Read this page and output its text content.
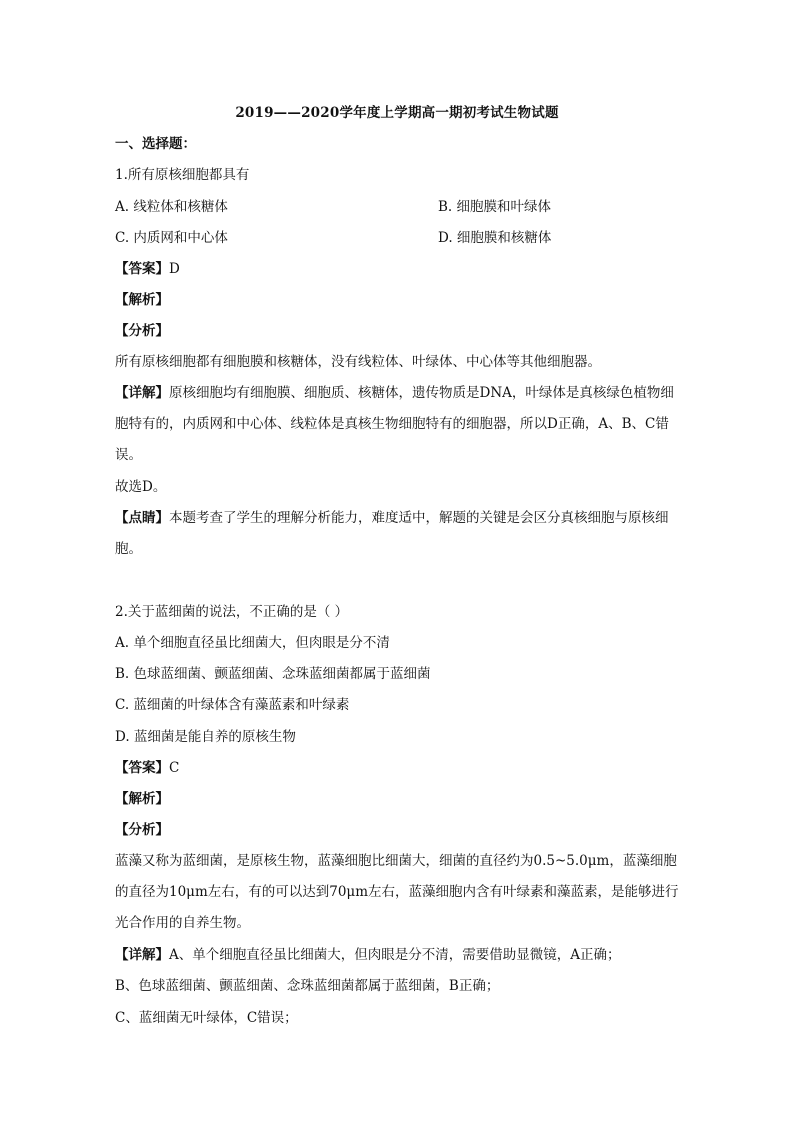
2019——2020学年度上学期高一期初考试生物试题
一、选择题：
1.所有原核细胞都具有
A. 线粒体和核糖体	B. 细胞膜和叶绿体
C. 内质网和中心体	D. 细胞膜和核糖体
【答案】D
【解析】
【分析】
所有原核细胞都有细胞膜和核糖体，没有线粒体、叶绿体、中心体等其他细胞器。
【详解】原核细胞均有细胞膜、细胞质、核糖体，遗传物质是DNA，叶绿体是真核绿色植物细胞特有的，内质网和中心体、线粒体是真核生物细胞特有的细胞器，所以D正确，A、B、C错误。
故选D。
【点睛】本题考查了学生的理解分析能力，难度适中，解题的关键是会区分真核细胞与原核细胞。
2.关于蓝细菌的说法，不正确的是（ ）
A. 单个细胞直径虽比细菌大，但肉眼是分不清
B. 色球蓝细菌、颤蓝细菌、念珠蓝细菌都属于蓝细菌
C. 蓝细菌的叶绿体含有藻蓝素和叶绿素
D. 蓝细菌是能自养的原核生物
【答案】C
【解析】
【分析】
蓝藻又称为蓝细菌，是原核生物，蓝藻细胞比细菌大，细菌的直径约为0.5~5.0μm，蓝藻细胞的直径为10μm左右，有的可以达到70μm左右，蓝藻细胞内含有叶绿素和藻蓝素，是能够进行光合作用的自养生物。
【详解】A、单个细胞直径虽比细菌大，但肉眼是分不清，需要借助显微镜，A正确；
B、色球蓝细菌、颤蓝细菌、念珠蓝细菌都属于蓝细菌，B正确；
C、蓝细菌无叶绿体，C错误；
